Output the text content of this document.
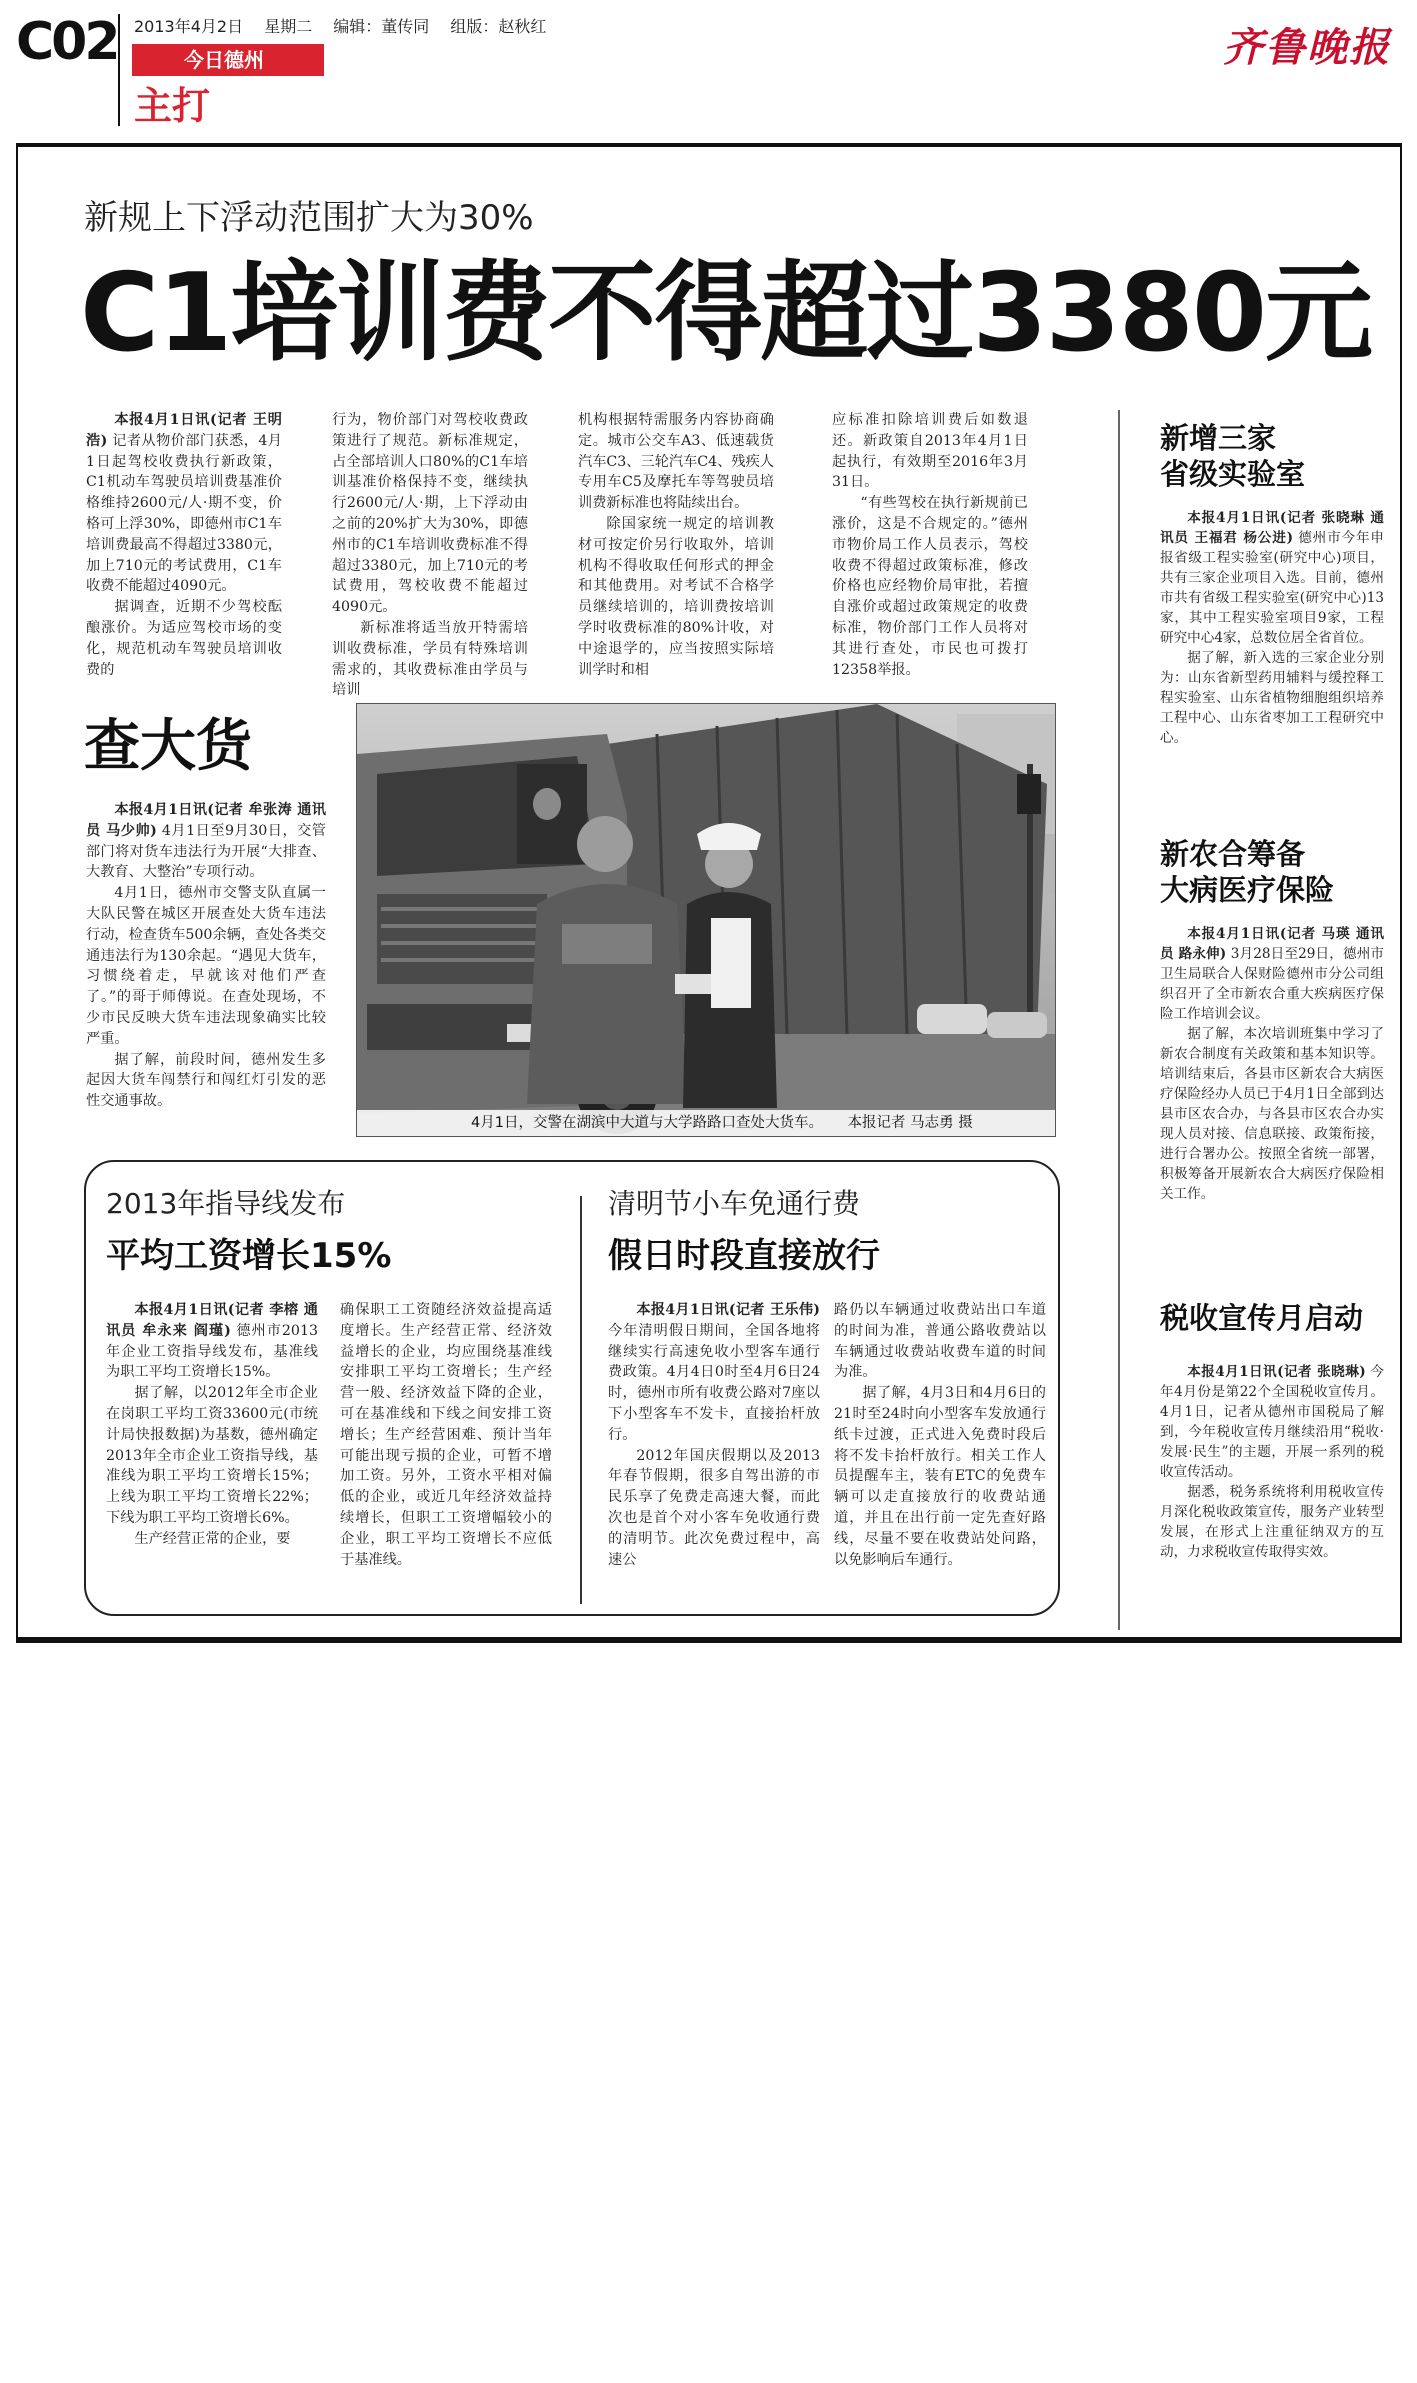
C02 2013年4月2日 星期二 编辑：董传同 组版：赵秋红
今日德州
主打
齐鲁晚报
新规上下浮动范围扩大为30%
C1培训费不得超过3380元

本报4月1日讯(记者 王明浩) 记者从物价部门获悉，4月1日起驾校收费执行新政策，C1机动车驾驶员培训费基准价格维持2600元/人·期不变，价格可上浮30%，即德州市C1车培训费最高不得超过3380元，加上710元的考试费用，C1车收费不能超过4090元。

据调查，近期不少驾校酝酿涨价。为适应驾校市场的变化，规范机动车驾驶员培训收费的

行为，物价部门对驾校收费政策进行了规范。新标准规定，占全部培训人口80%的C1车培训基准价格保持不变，继续执行2600元/人·期，上下浮动由之前的20%扩大为30%，即德州市的C1车培训收费标准不得超过3380元，加上710元的考试费用，驾校收费不能超过4090元。

新标准将适当放开特需培训收费标准，学员有特殊培训需求的，其收费标准由学员与培训

机构根据特需服务内容协商确定。城市公交车A3、低速载货汽车C3、三轮汽车C4、残疾人专用车C5及摩托车等驾驶员培训费新标准也将陆续出台。

除国家统一规定的培训教材可按定价另行收取外，培训机构不得收取任何形式的押金和其他费用。对考试不合格学员继续培训的，培训费按培训学时收费标准的80%计收，对中途退学的，应当按照实际培训学时和相

应标准扣除培训费后如数退还。新政策自2013年4月1日起执行，有效期至2016年3月31日。

“有些驾校在执行新规前已涨价，这是不合规定的。”德州市物价局工作人员表示，驾校收费不得超过政策标准，修改价格也应经物价局审批，若擅自涨价或超过政策规定的收费标准，物价部门工作人员将对其进行查处，市民也可拨打12358举报。

新增三家
省级实验室

本报4月1日讯(记者 张晓琳 通讯员 王福君 杨公进) 德州市今年申报省级工程实验室(研究中心)项目，共有三家企业项目入选。目前，德州市共有省级工程实验室(研究中心)13家，其中工程实验室项目9家，工程研究中心4家，总数位居全省首位。

据了解，新入选的三家企业分别为：山东省新型药用辅料与缓控释工程实验室、山东省植物细胞组织培养工程中心、山东省枣加工工程研究中心。

新农合筹备
大病医疗保险

本报4月1日讯(记者 马瑛 通讯员 路永伸) 3月28日至29日，德州市卫生局联合人保财险德州市分公司组织召开了全市新农合重大疾病医疗保险工作培训会议。

据了解，本次培训班集中学习了新农合制度有关政策和基本知识等。培训结束后，各县市区新农合大病医疗保险经办人员已于4月1日全部到达县市区农合办，与各县市区农合办实现人员对接、信息联接、政策衔接，进行合署办公。按照全省统一部署，积极筹备开展新农合大病医疗保险相关工作。

税收宣传月启动

本报4月1日讯(记者 张晓琳) 今年4月份是第22个全国税收宣传月。4月1日，记者从德州市国税局了解到，今年税收宣传月继续沿用“税收·发展·民生”的主题，开展一系列的税收宣传活动。

据悉，税务系统将利用税收宣传月深化税收政策宣传，服务产业转型发展，在形式上注重征纳双方的互动，力求税收宣传取得实效。

查大货

本报4月1日讯(记者 牟张涛 通讯员 马少帅) 4月1日至9月30日，交管部门将对货车违法行为开展“大排查、大教育、大整治”专项行动。

4月1日，德州市交警支队直属一大队民警在城区开展查处大货车违法行动，检查货车500余辆，查处各类交通违法行为130余起。“遇见大货车，习惯绕着走，早就该对他们严查了。”的哥于师傅说。在查处现场，不少市民反映大货车违法现象确实比较严重。

据了解，前段时间，德州发生多起因大货车闯禁行和闯红灯引发的恶性交通事故。

4月1日，交警在湖滨中大道与大学路路口查处大货车。 本报记者 马志勇 摄
2013年指导线发布
平均工资增长15%

本报4月1日讯(记者 李榕 通讯员 牟永来 阎瑾) 德州市2013年企业工资指导线发布，基准线为职工平均工资增长15%。

据了解，以2012年全市企业在岗职工平均工资33600元(市统计局快报数据)为基数，德州确定2013年全市企业工资指导线，基准线为职工平均工资增长15%；上线为职工平均工资增长22%；下线为职工平均工资增长6%。

生产经营正常的企业，要

确保职工工资随经济效益提高适度增长。生产经营正常、经济效益增长的企业，均应围绕基准线安排职工平均工资增长；生产经营一般、经济效益下降的企业，可在基准线和下线之间安排工资增长；生产经营困难、预计当年可能出现亏损的企业，可暂不增加工资。另外，工资水平相对偏低的企业，或近几年经济效益持续增长，但职工工资增幅较小的企业，职工平均工资增长不应低于基准线。

清明节小车免通行费
假日时段直接放行

本报4月1日讯(记者 王乐伟) 今年清明假日期间，全国各地将继续实行高速免收小型客车通行费政策。4月4日0时至4月6日24时，德州市所有收费公路对7座以下小型客车不发卡，直接抬杆放行。

2012年国庆假期以及2013年春节假期，很多自驾出游的市民乐享了免费走高速大餐，而此次也是首个对小客车免收通行费的清明节。此次免费过程中，高速公

路仍以车辆通过收费站出口车道的时间为准，普通公路收费站以车辆通过收费站收费车道的时间为准。

据了解，4月3日和4月6日的21时至24时向小型客车发放通行纸卡过渡，正式进入免费时段后将不发卡抬杆放行。相关工作人员提醒车主，装有ETC的免费车辆可以走直接放行的收费站通道，并且在出行前一定先查好路线，尽量不要在收费站处问路，以免影响后车通行。
